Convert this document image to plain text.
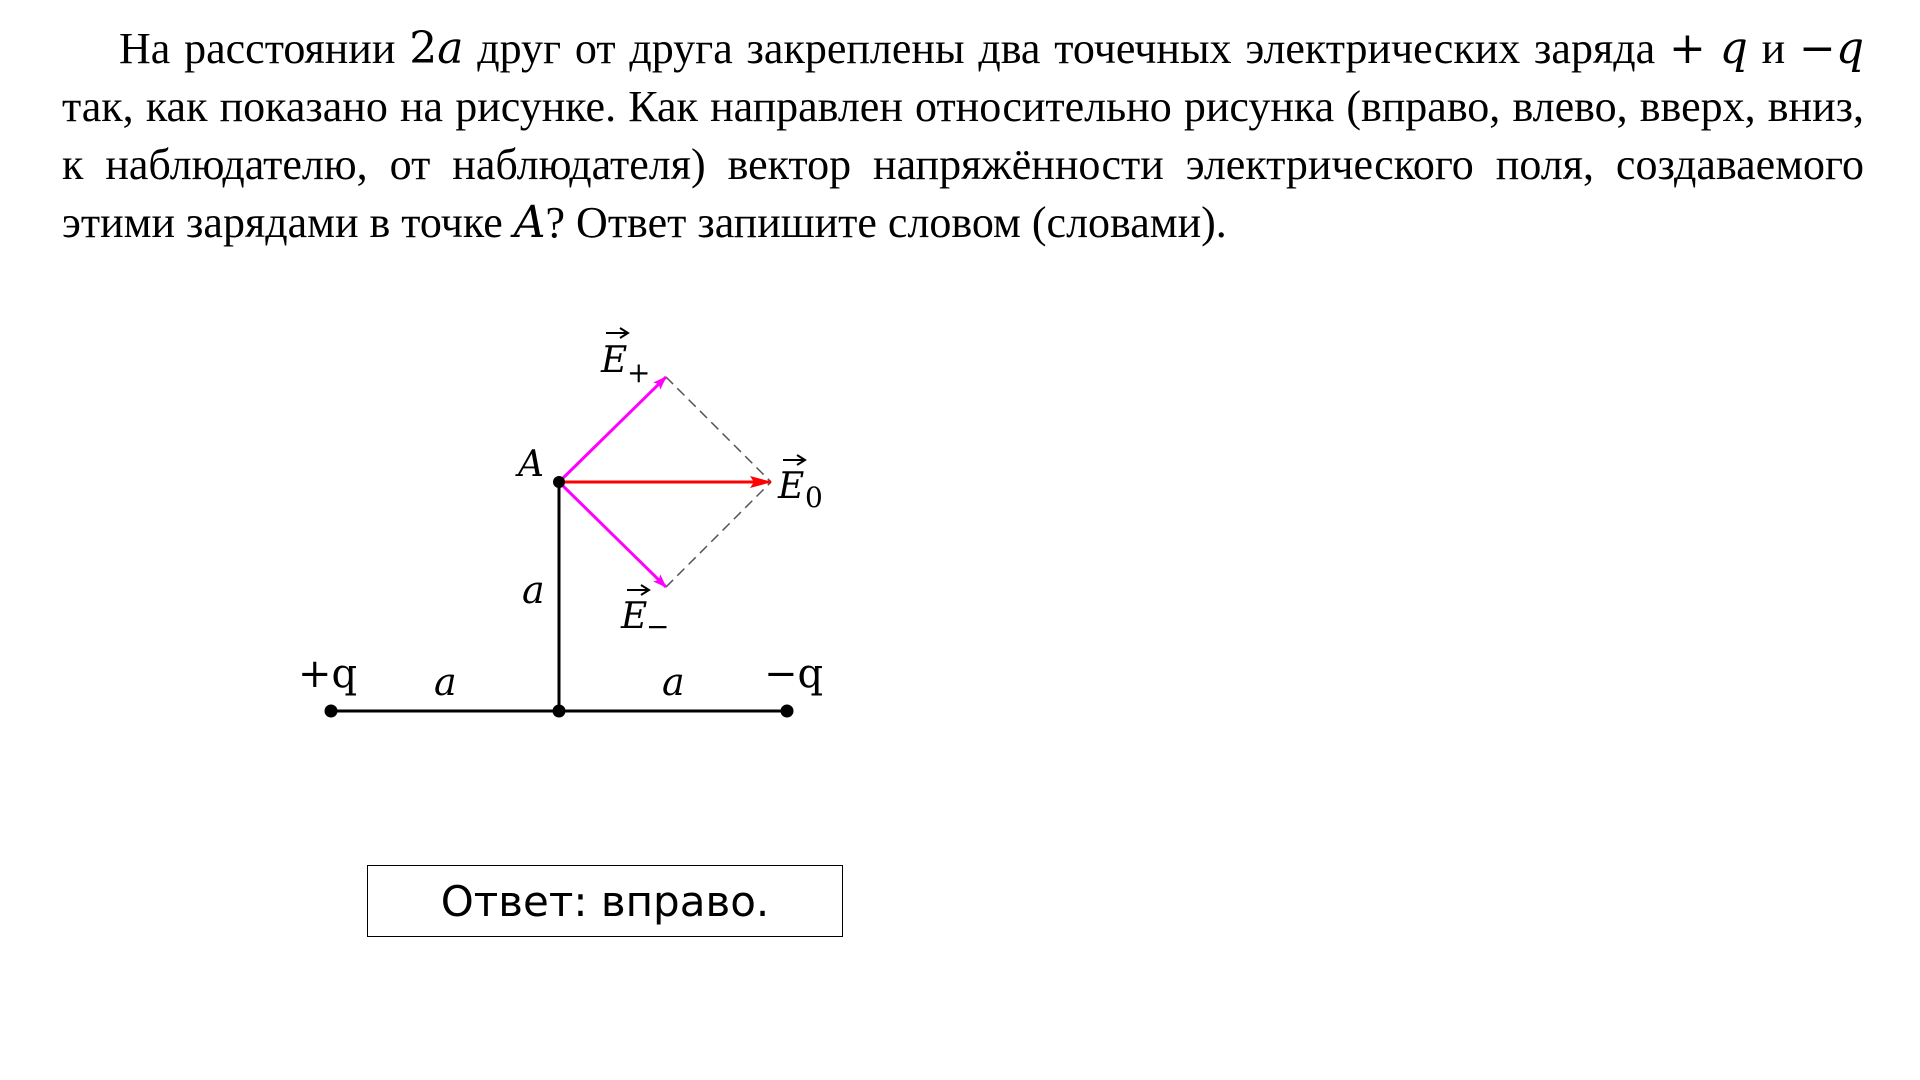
На расстоянии 2a друг от друга закреплены два точечных электрических заряда + q и −q так, как показано на рисунке. Как направлен относительно рисунка (вправо, влево, вверх, вниз, к наблюдателю, от наблюдателя) вектор напряжённости электрического поля, создаваемого этими зарядами в точке A? Ответ запишите словом (словами).

A
+q	−q
a
a	a
E +
E 0
E
−
Ответ: вправо.
